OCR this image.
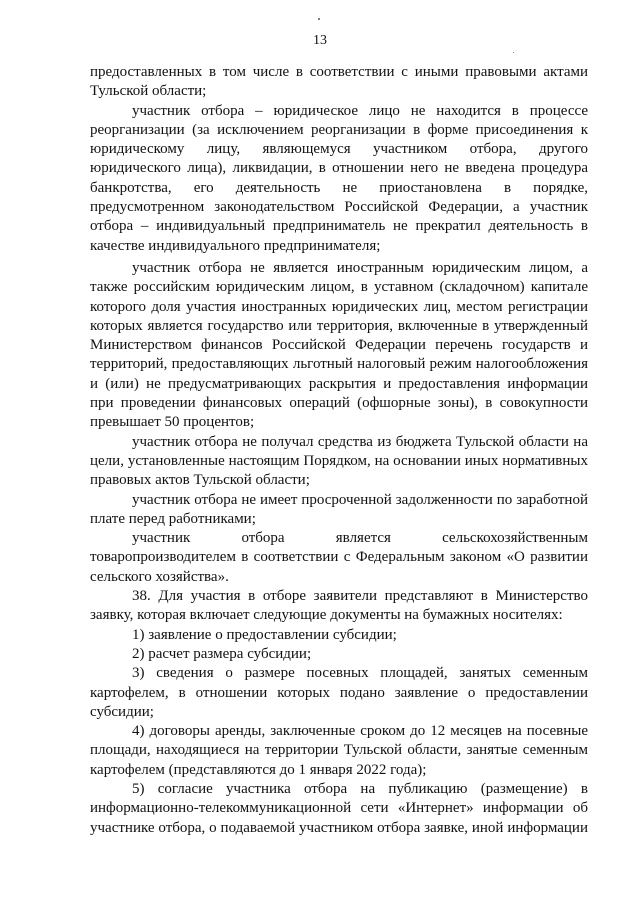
13

предоставленных в том числе в соответствии с иными правовыми актами Тульской области;

участник отбора – юридическое лицо не находится в процессе реорганизации (за исключением реорганизации в форме присоединения к юридическому лицу, являющемуся участником отбора, другого юридического лица), ликвидации, в отношении него не введена процедура банкротства, его деятельность не приостановлена в порядке, предусмотренном законодательством Российской Федерации, а участник отбора – индивидуальный предприниматель не прекратил деятельность в качестве индивидуального предпринимателя;

участник отбора не является иностранным юридическим лицом, а также российским юридическим лицом, в уставном (складочном) капитале которого доля участия иностранных юридических лиц, местом регистрации которых является государство или территория, включенные в утвержденный Министерством финансов Российской Федерации перечень государств и территорий, предоставляющих льготный налоговый режим налогообложения и (или) не предусматривающих раскрытия и предоставления информации при проведении финансовых операций (офшорные зоны), в совокупности превышает 50 процентов;

участник отбора не получал средства из бюджета Тульской области на цели, установленные настоящим Порядком, на основании иных нормативных правовых актов Тульской области;

участник отбора не имеет просроченной задолженности по заработной плате перед работниками;

участник отбора является сельскохозяйственным товаропроизводителем в соответствии с Федеральным законом «О развитии сельского хозяйства».

38. Для участия в отборе заявители представляют в Министерство заявку, которая включает следующие документы на бумажных носителях:

1) заявление о предоставлении субсидии;

2) расчет размера субсидии;

3) сведения о размере посевных площадей, занятых семенным картофелем, в отношении которых подано заявление о предоставлении субсидии;

4) договоры аренды, заключенные сроком до 12 месяцев на посевные площади, находящиеся на территории Тульской области, занятые семенным картофелем (представляются до 1 января 2022 года);

5) согласие участника отбора на публикацию (размещение) в информационно-телекоммуникационной сети «Интернет» информации об участнике отбора, о подаваемой участником отбора заявке, иной информации
